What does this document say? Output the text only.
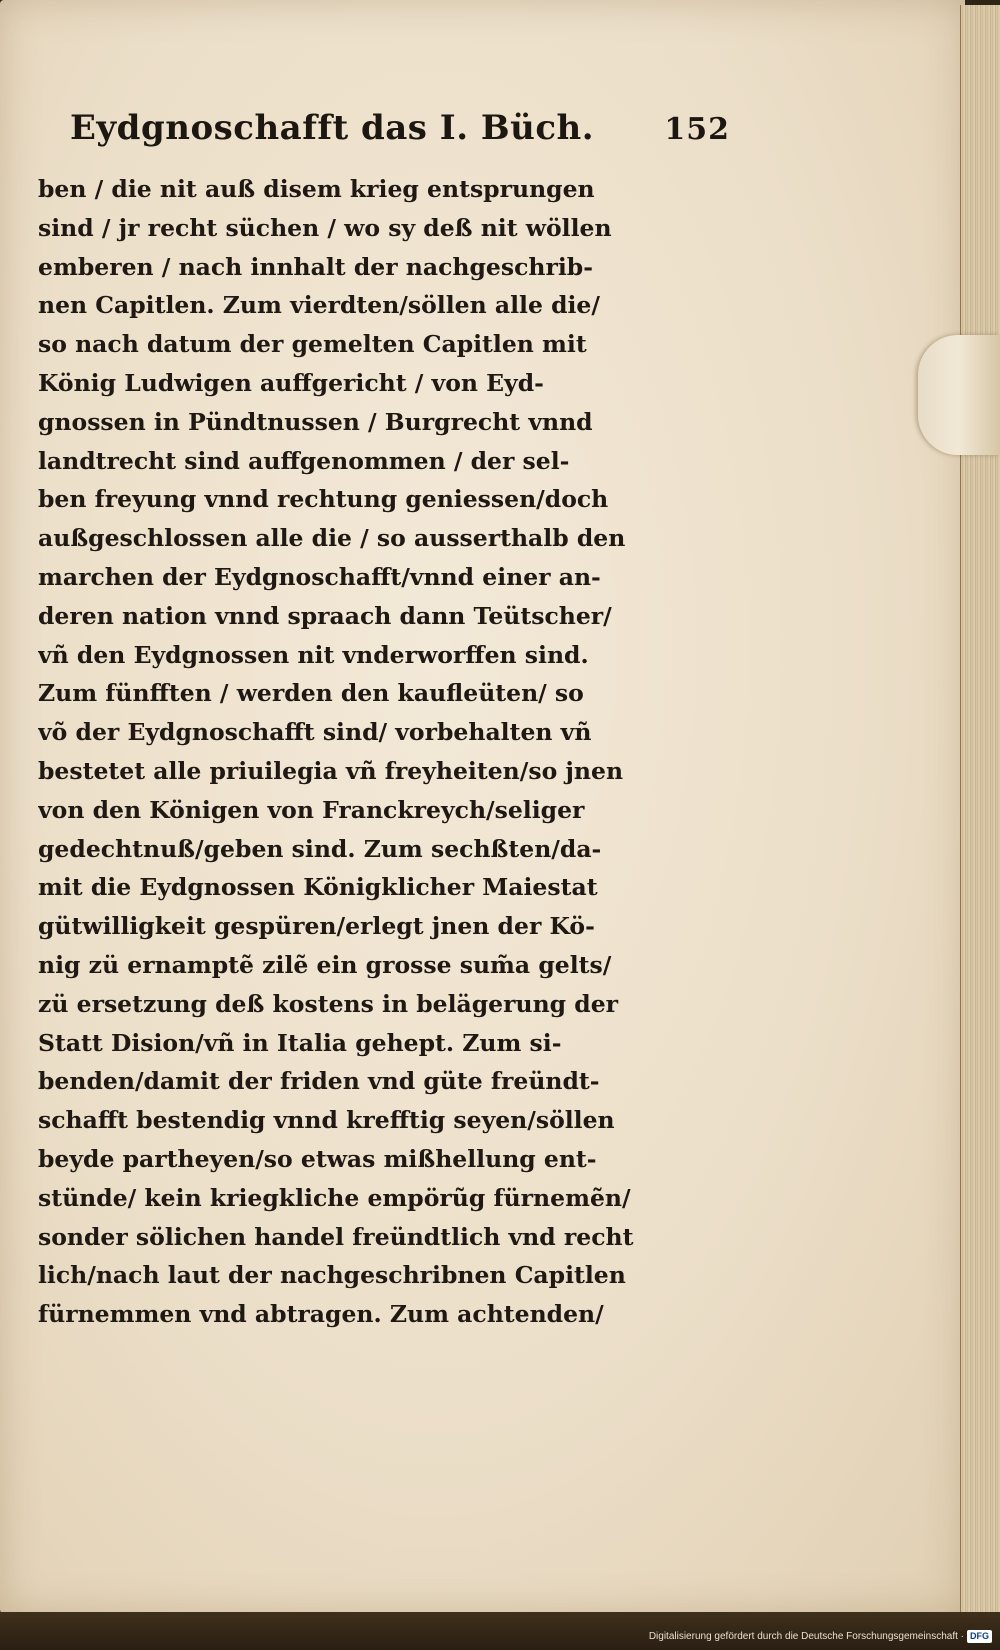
Eydgnoschafft das I. Büch. 152
ben / die nit auß disem krieg entsprungen
sind / jr recht süchen / wo sy deß nit wöllen
emberen / nach innhalt der nachgeschrib-
nen Capitlen. Zum vierdten/söllen alle die/
so nach datum der gemelten Capitlen mit
König Ludwigen auffgericht / von Eyd-
gnossen in Pündtnussen / Burgrecht vnnd
landtrecht sind auffgenommen / der sel-
ben freyung vnnd rechtung geniessen/doch
außgeschlossen alle die / so ausserthalb den
marchen der Eydgnoschafft/vnnd einer an-
deren nation vnnd spraach dann Teütscher/
vñ den Eydgnossen nit vnderworffen sind.
Zum fünfften / werden den kaufleüten/ so
võ der Eydgnoschafft sind/ vorbehalten vñ
bestetet alle priuilegia vñ freyheiten/so jnen
von den Königen von Franckreych/seliger
gedechtnuß/geben sind. Zum sechßten/da-
mit die Eydgnossen Königklicher Maiestat
gütwilligkeit gespüren/erlegt jnen der Kö-
nig zü ernamptẽ zilẽ ein grosse sum̃a gelts/
zü ersetzung deß kostens in belägerung der
Statt Dision/vñ in Italia gehept. Zum si-
benden/damit der friden vnd güte freündt-
schafft bestendig vnnd krefftig seyen/söllen
beyde partheyen/so etwas mißhellung ent-
stünde/ kein kriegkliche empörũg fürnemẽn/
sonder sölichen handel freündtlich vnd recht
lich/nach laut der nachgeschribnen Capitlen
fürnemmen vnd abtragen. Zum achtenden/
Digitalisierung gefördert durch die Deutsche Forschungsgemeinschaft · DFG
